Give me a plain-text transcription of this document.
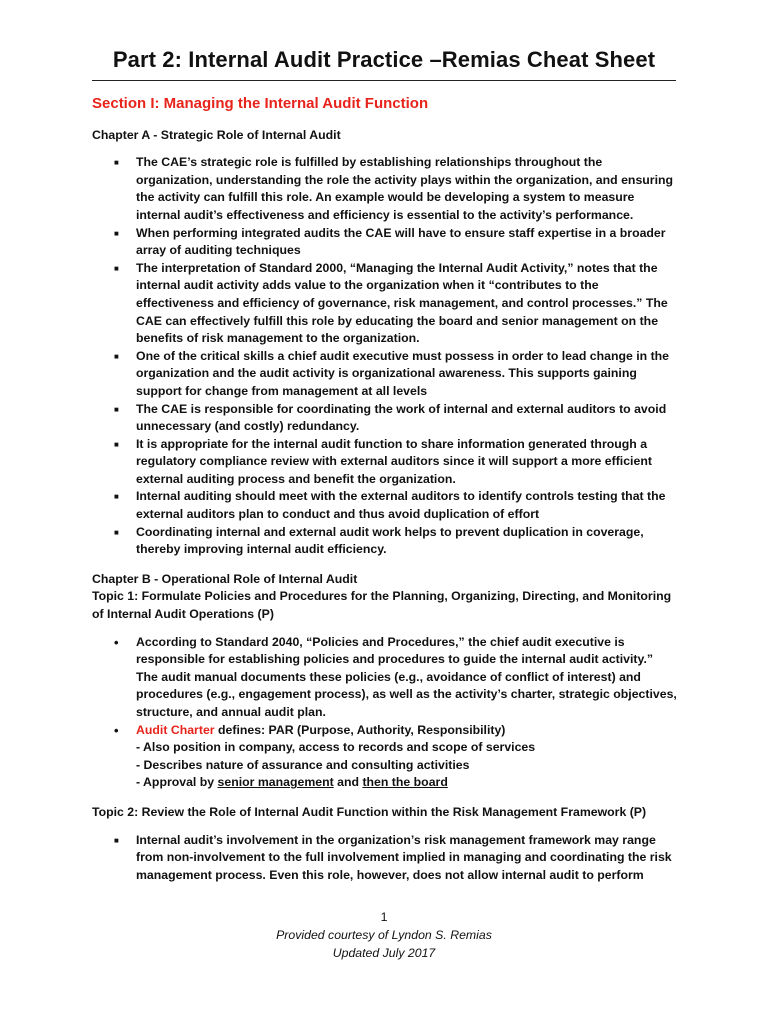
Part 2: Internal Audit Practice –Remias Cheat Sheet
Section I: Managing the Internal Audit Function

Chapter A - Strategic Role of Internal Audit

■ The CAE’s strategic role is fulfilled by establishing relationships throughout the organization, understanding the role the activity plays within the organization, and ensuring the activity can fulfill this role. An example would be developing a system to measure internal audit’s effectiveness and efficiency is essential to the activity’s performance.
■ When performing integrated audits the CAE will have to ensure staff expertise in a broader array of auditing techniques
■ The interpretation of Standard 2000, “Managing the Internal Audit Activity,” notes that the internal audit activity adds value to the organization when it “contributes to the effectiveness and efficiency of governance, risk management, and control processes.” The CAE can effectively fulfill this role by educating the board and senior management on the benefits of risk management to the organization.
■ One of the critical skills a chief audit executive must possess in order to lead change in the organization and the audit activity is organizational awareness. This supports gaining support for change from management at all levels
■ The CAE is responsible for coordinating the work of internal and external auditors to avoid unnecessary (and costly) redundancy.
■ It is appropriate for the internal audit function to share information generated through a regulatory compliance review with external auditors since it will support a more efficient external auditing process and benefit the organization.
■ Internal auditing should meet with the external auditors to identify controls testing that the external auditors plan to conduct and thus avoid duplication of effort
■ Coordinating internal and external audit work helps to prevent duplication in coverage, thereby improving internal audit efficiency.

Chapter B - Operational Role of Internal Audit

Topic 1: Formulate Policies and Procedures for the Planning, Organizing, Directing, and Monitoring of Internal Audit Operations (P)

• According to Standard 2040, “Policies and Procedures,” the chief audit executive is responsible for establishing policies and procedures to guide the internal audit activity.” The audit manual documents these policies (e.g., avoidance of conflict of interest) and procedures (e.g., engagement process), as well as the activity’s charter, strategic objectives, structure, and annual audit plan.
• Audit Charter defines: PAR (Purpose, Authority, Responsibility)
- Also position in company, access to records and scope of services
- Describes nature of assurance and consulting activities
- Approval by senior management and then the board

Topic 2: Review the Role of Internal Audit Function within the Risk Management Framework (P)

■ Internal audit’s involvement in the organization’s risk management framework may range from non-involvement to the full involvement implied in managing and coordinating the risk management process. Even this role, however, does not allow internal audit to perform
1
Provided courtesy of Lyndon S. Remias
Updated July 2017
